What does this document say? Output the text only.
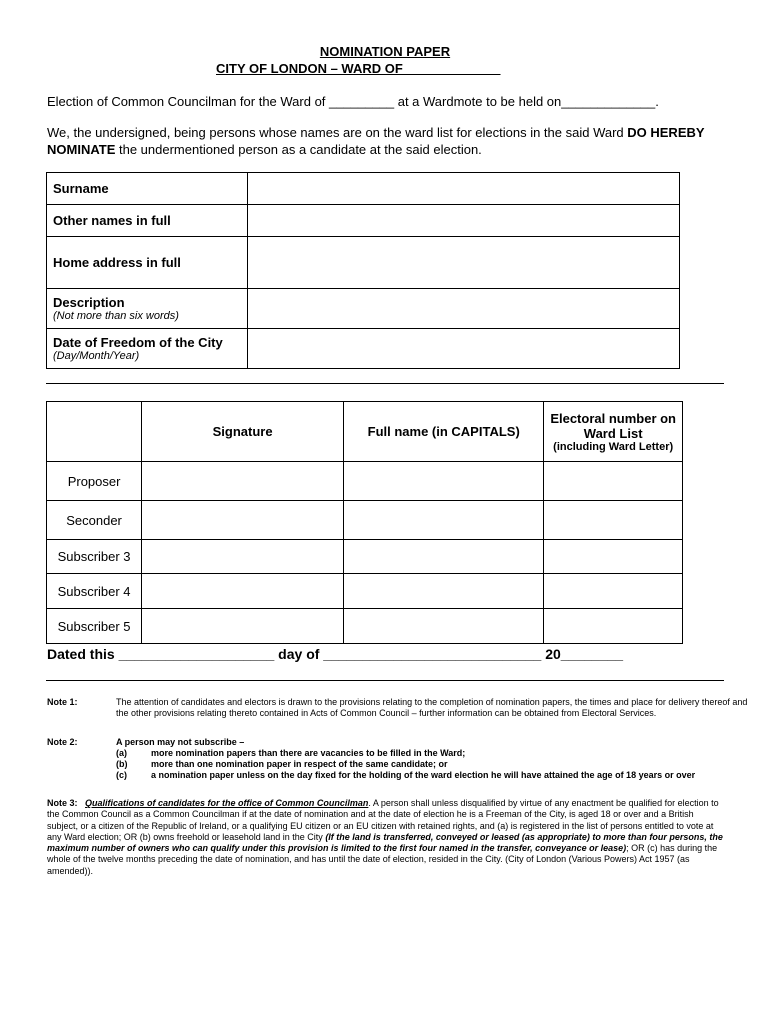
NOMINATION PAPER
CITY OF LONDON – WARD OF _____________
Election of Common Councilman for the Ward of _________ at a Wardmote to be held on_____________.
We, the undersigned, being persons whose names are on the ward list for elections in the said Ward DO HEREBY NOMINATE the undermentioned person as a candidate at the said election.
Surname	
Other names in full	
Home address in full	
Description
(Not more than six words)	

Date of Freedom of the City
(Day/Month/Year)	

	Signature	Full name (in CAPITALS)	Electoral number on Ward List
(including Ward Letter)

Proposer			
Seconder			
Subscriber 3			
Subscriber 4			
Subscriber 5			
Dated this ____________________ day of ____________________________ 20________
Note 1:	The attention of candidates and electors is drawn to the provisions relating to the completion of nomination papers, the times and place for delivery thereof and the other provisions relating thereto contained in Acts of Common Council – further information can be obtained from Electoral Services.
Note 2:	A person may not subscribe –
(a)	more nomination papers than there are vacancies to be filled in the Ward;
(b)	more than one nomination paper in respect of the same candidate; or
(c)	a nomination paper unless on the day fixed for the holding of the ward election he will have attained the age of 18 years or over
Note 3: Qualifications of candidates for the office of Common Councilman. A person shall unless disqualified by virtue of any enactment be qualified for election to the Common Council as a Common Councilman if at the date of nomination and at the date of election he is a Freeman of the City, is aged 18 or over and a British subject, or a citizen of the Republic of Ireland, or a qualifying EU citizen or an EU citizen with retained rights, and (a) is registered in the list of persons entitled to vote at any Ward election; OR (b) owns freehold or leasehold land in the City (If the land is transferred, conveyed or leased (as appropriate) to more than four persons, the maximum number of owners who can qualify under this provision is limited to the first four named in the transfer, conveyance or lease); OR (c) has during the whole of the twelve months preceding the date of nomination, and has until the date of election, resided in the City. (City of London (Various Powers) Act 1957 (as amended)).
